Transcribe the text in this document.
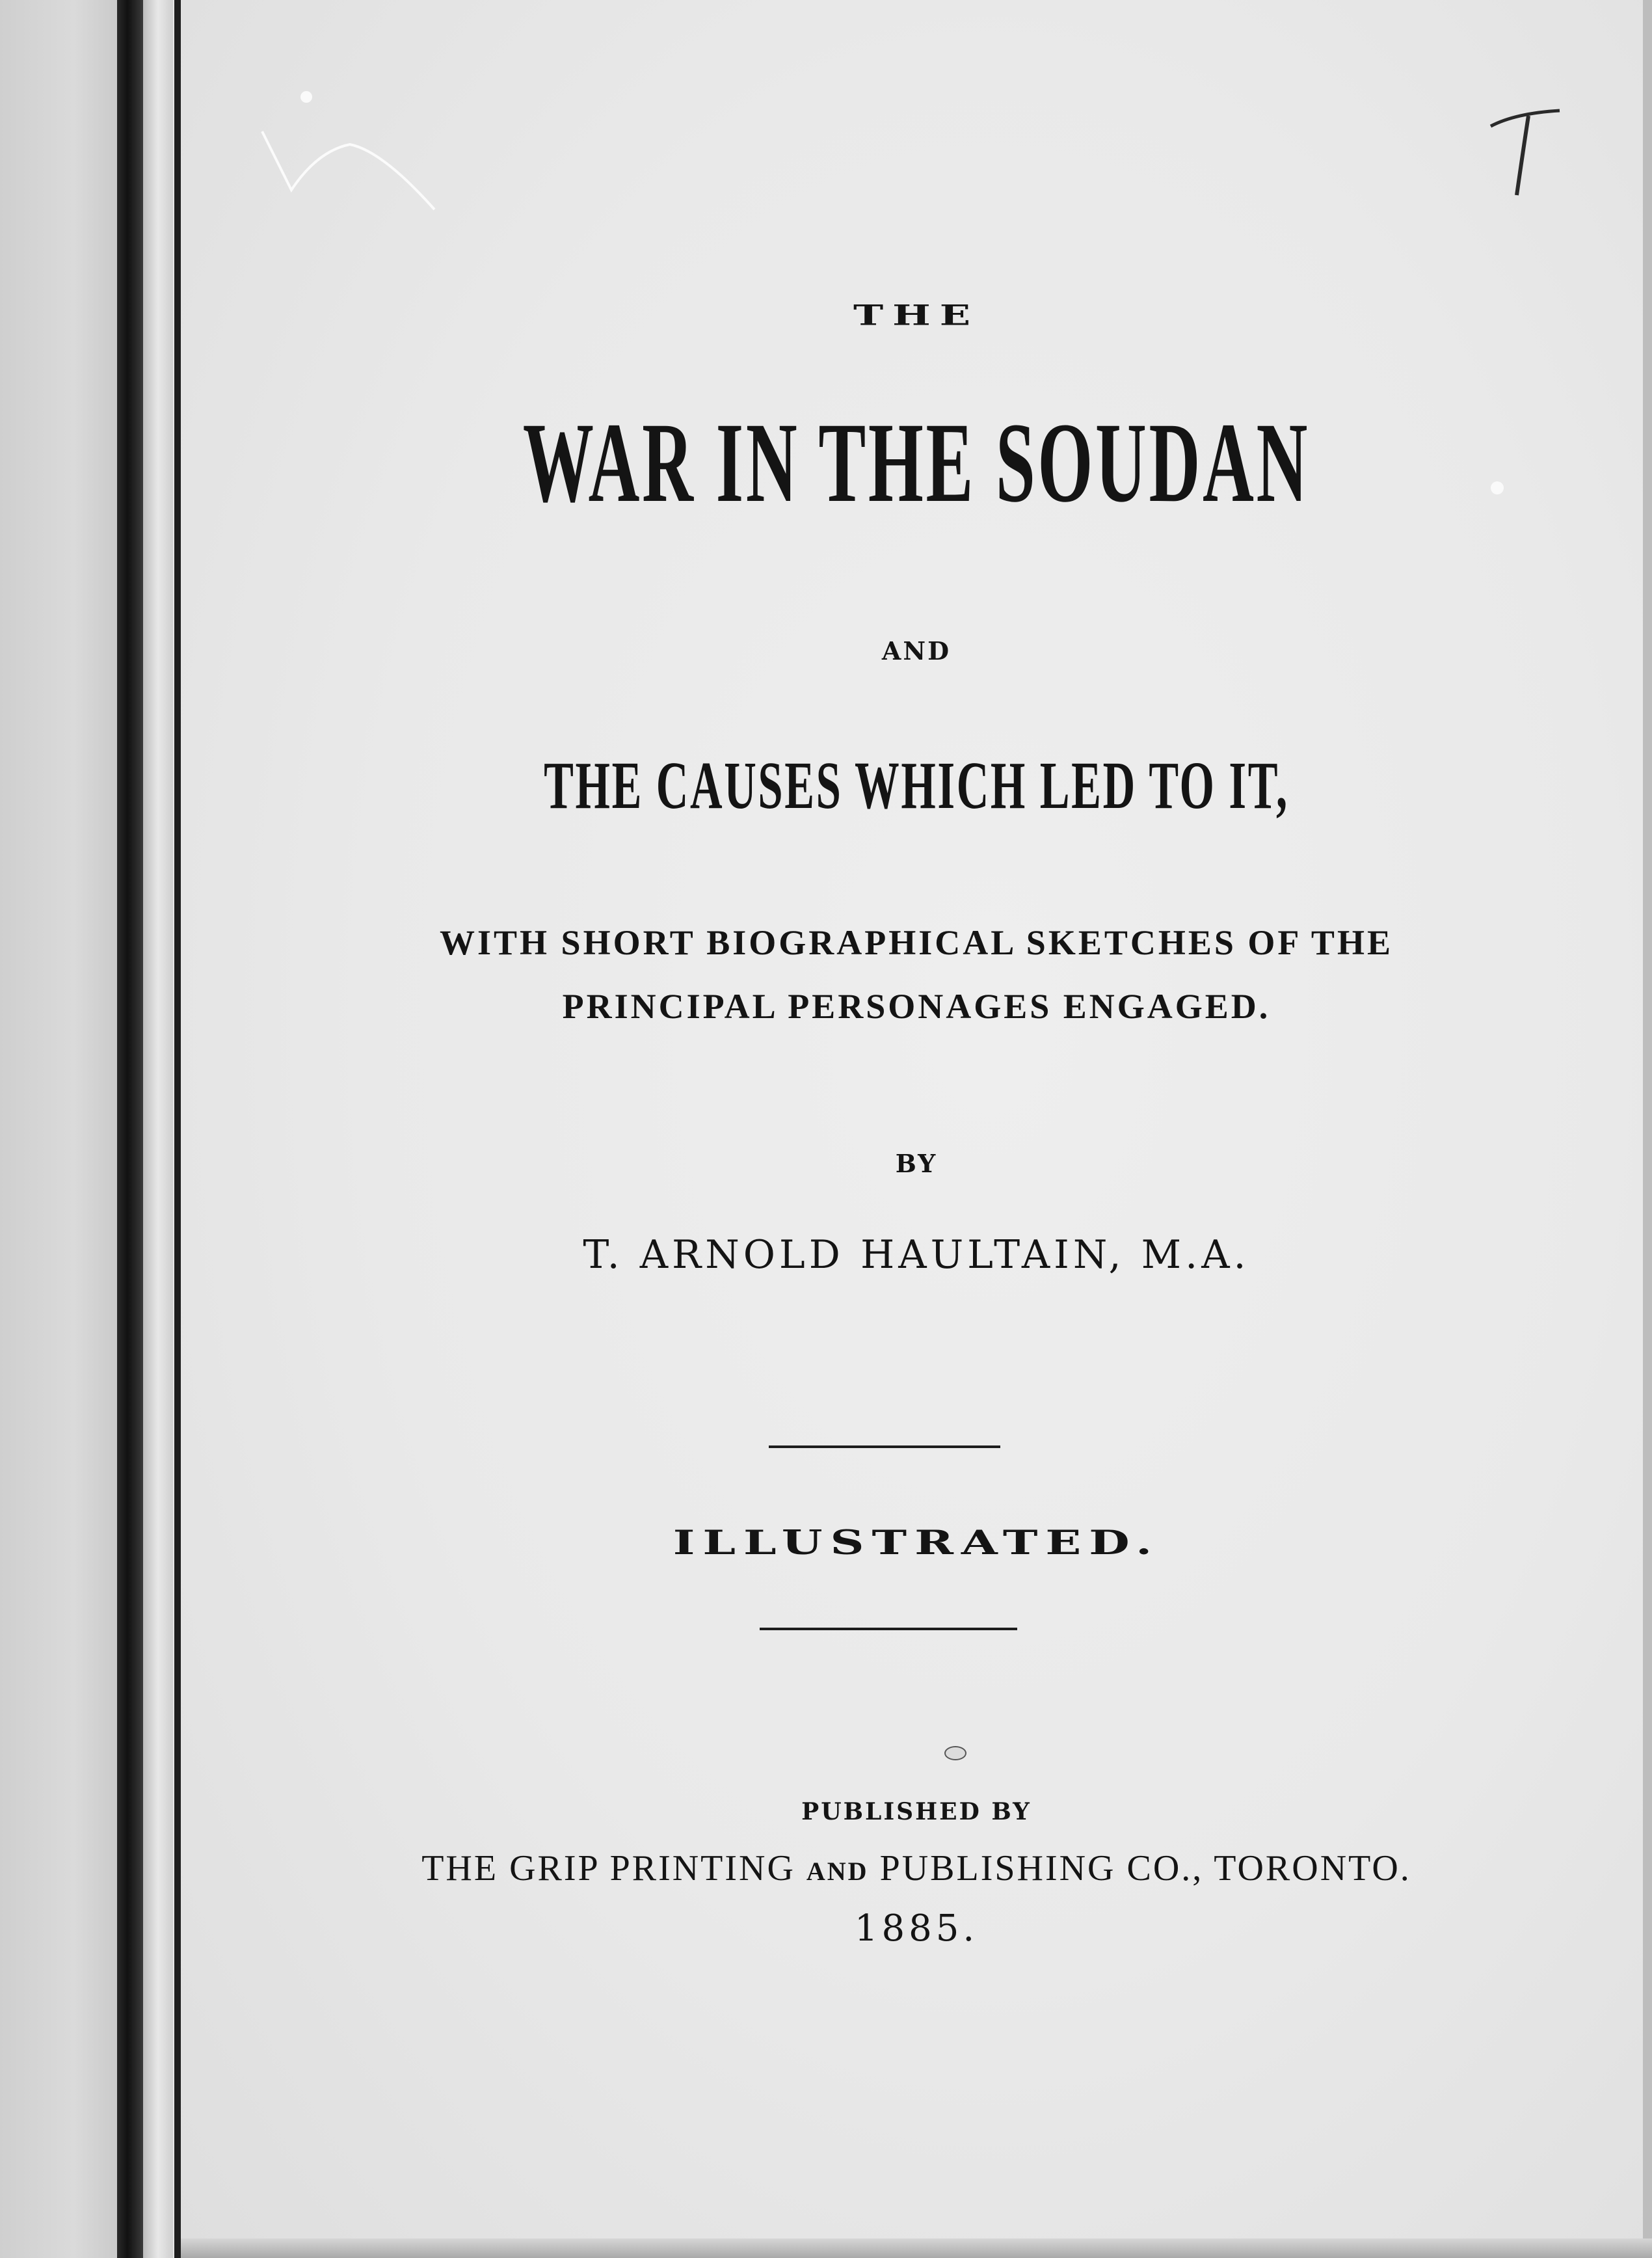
THE

WAR IN THE SOUDAN

AND

THE CAUSES WHICH LED TO IT,

WITH SHORT BIOGRAPHICAL SKETCHES OF THE

PRINCIPAL PERSONAGES ENGAGED.

BY

T. ARNOLD HAULTAIN, M.A.

ILLUSTRATED.

PUBLISHED BY

THE GRIP PRINTING AND PUBLISHING CO., TORONTO.

1885.
